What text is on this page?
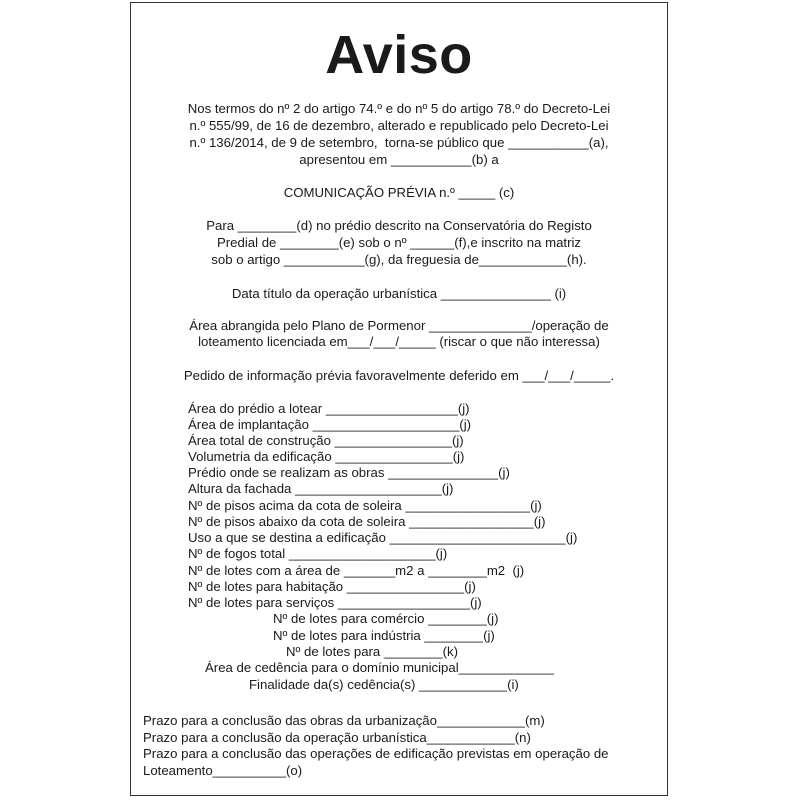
Aviso
Nos termos do nº 2 do artigo 74.º e do nº 5 do artigo 78.º do Decreto-Lei
n.º 555/99, de 16 de dezembro, alterado e republicado pelo Decreto-Lei
n.º 136/2014, de 9 de setembro,  torna-se público que ___________(a),
apresentou em ___________(b) a
COMUNICAÇÃO PRÉVIA n.º _____ (c)
Para ________(d) no prédio descrito na Conservatória do Registo
Predial de ________(e) sob o nº ______(f),e inscrito na matriz
sob o artigo ___________(g), da freguesia de____________(h).
Data título da operação urbanística _______________ (i)
Área abrangida pelo Plano de Pormenor ______________/operação de
loteamento licenciada em___/___/_____ (riscar o que não interessa)
Pedido de informação prévia favoravelmente deferido em ___/___/_____.
Área do prédio a lotear __________________(j)
Área de implantação ____________________(j)
Área total de construção ________________(j)
Volumetria da edificação ________________(j)
Prédio onde se realizam as obras _______________(j)
Altura da fachada ____________________(j)
Nº de pisos acima da cota de soleira _________________(j)
Nº de pisos abaixo da cota de soleira _________________(j)
Uso a que se destina a edificação ________________________(j)
Nº de fogos total ____________________(j)
Nº de lotes com a área de _______m2 a ________m2  (j)
Nº de lotes para habitação ________________(j)
Nº de lotes para serviços __________________(j)
Nº de lotes para comércio ________(j)
Nº de lotes para indústria ________(j)
Nº de lotes para ________(k)
Área de cedência para o domínio municipal_____________
Finalidade da(s) cedência(s) ____________(i)
Prazo para a conclusão das obras da urbanização____________(m)
Prazo para a conclusão da operação urbanística____________(n)
Prazo para a conclusão das operações de edificação previstas em operação de
Loteamento__________(o)
